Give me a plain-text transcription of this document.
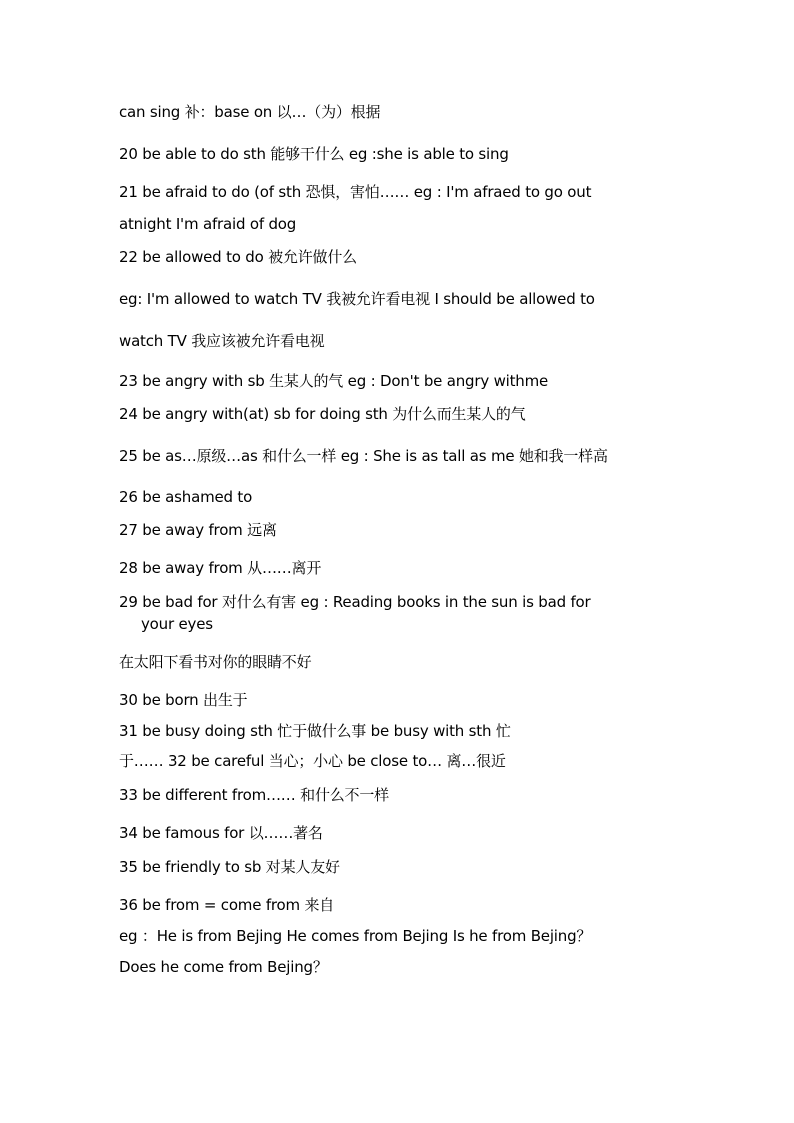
can sing 补：base on 以…（为）根据
20 be able to do sth 能够干什么 eg :she is able to sing
21 be afraid to do (of sth 恐惧，害怕…… eg : I'm afraed to go out
atnight I'm afraid of dog
22 be allowed to do 被允许做什么
eg: I'm allowed to watch TV 我被允许看电视 I should be allowed to
watch TV 我应该被允许看电视
23 be angry with sb 生某人的气 eg : Don't be angry withme
24 be angry with(at) sb for doing sth 为什么而生某人的气
25 be as…原级…as 和什么一样 eg : She is as tall as me 她和我一样高
26 be ashamed to
27 be away from 远离
28 be away from 从……离开
29 be bad for 对什么有害 eg : Reading books in the sun is bad for
your eyes
在太阳下看书对你的眼睛不好
30 be born 出生于
31 be busy doing sth 忙于做什么事 be busy with sth 忙
于…… 32 be careful 当心；小心 be close to… 离…很近
33 be different from…… 和什么不一样
34 be famous for 以……著名
35 be friendly to sb 对某人友好
36 be from = come from 来自
eg ：He is from Bejing He comes from Bejing Is he from Bejing？
Does he come from Bejing？
